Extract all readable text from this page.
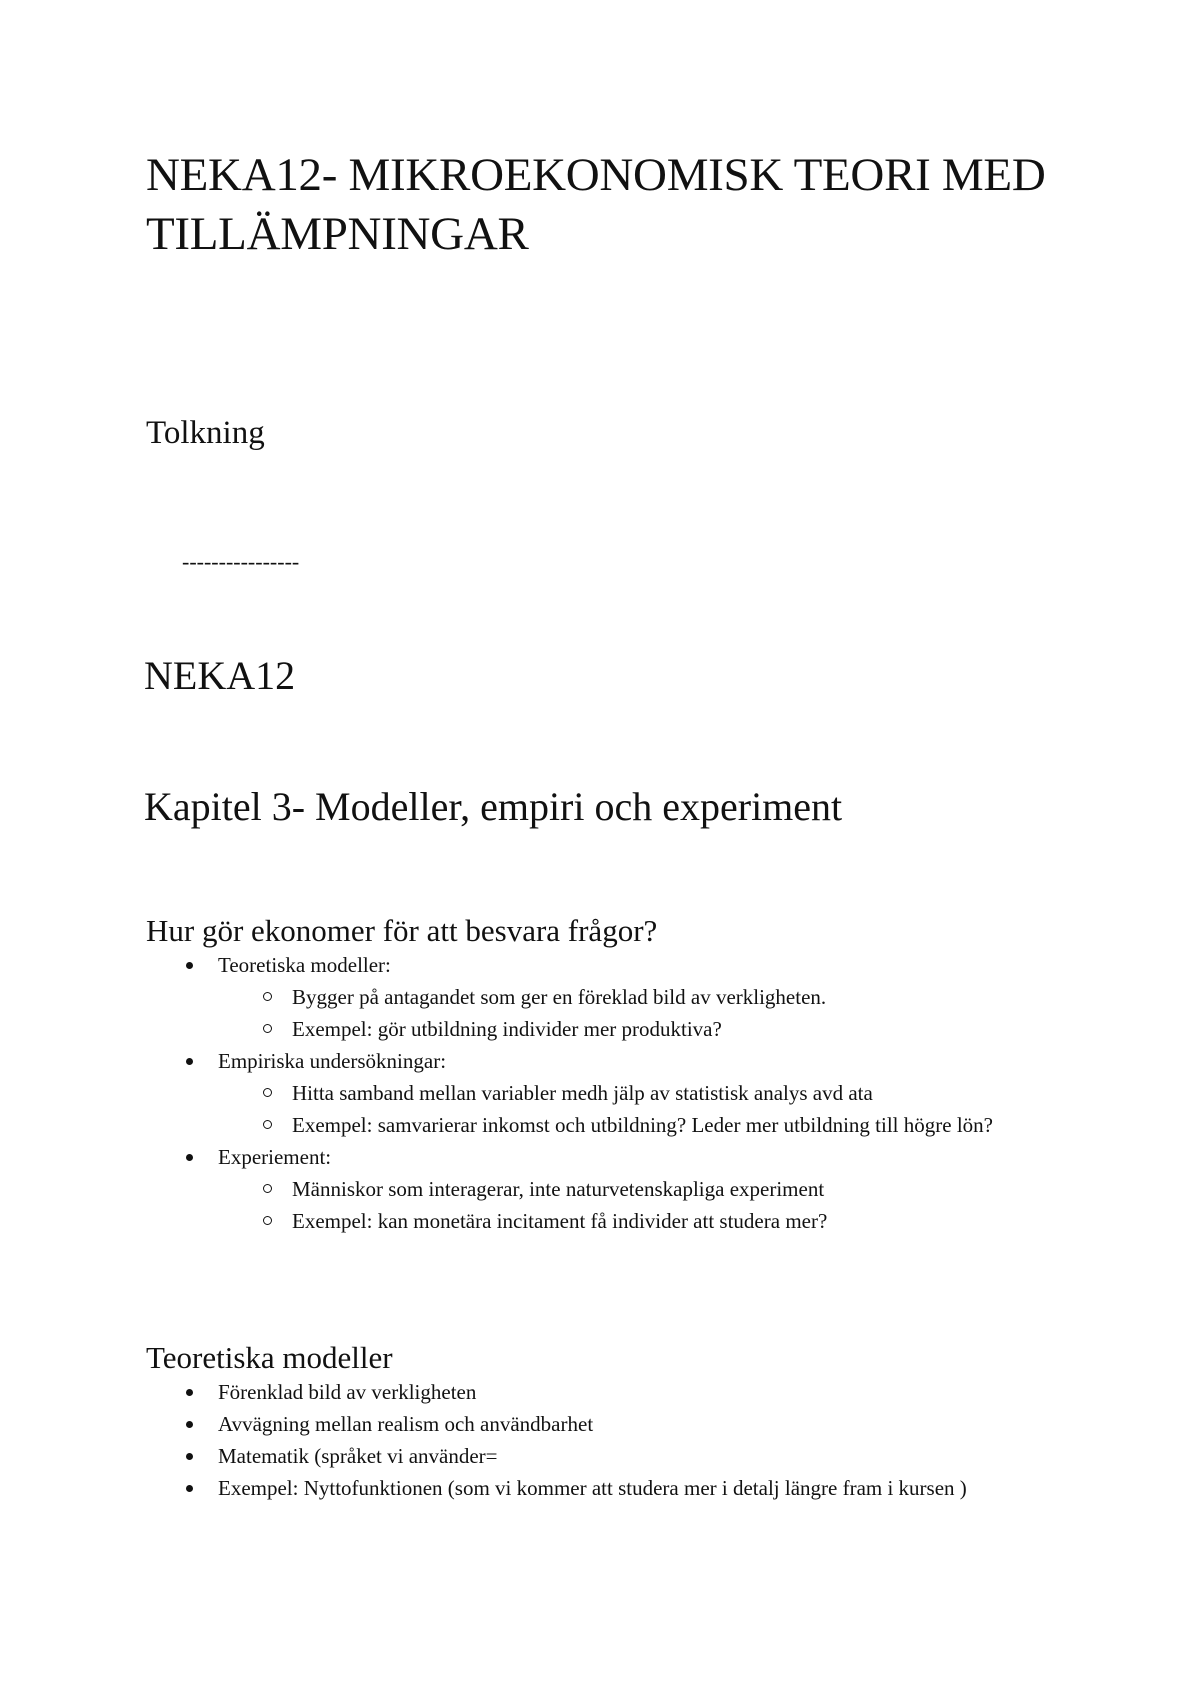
NEKA12- MIKROEKONOMISK TEORI MED TILLÄMPNINGAR

Tolkning

----------------

NEKA12
Kapitel 3- Modeller, empiri och experiment
Hur gör ekonomer för att besvara frågor?
Teoretiska modeller:
Bygger på antagandet som ger en föreklad bild av verkligheten.
Exempel: gör utbildning individer mer produktiva?
Empiriska undersökningar:
Hitta samband mellan variabler medh jälp av statistisk analys avd ata
Exempel: samvarierar inkomst och utbildning? Leder mer utbildning till högre lön?
Experiement:
Människor som interagerar, inte naturvetenskapliga experiment
Exempel: kan monetära incitament få individer att studera mer?
Teoretiska modeller
Förenklad bild av verkligheten
Avvägning mellan realism och användbarhet
Matematik (språket vi använder=
Exempel: Nyttofunktionen (som vi kommer att studera mer i detalj längre fram i kursen )
